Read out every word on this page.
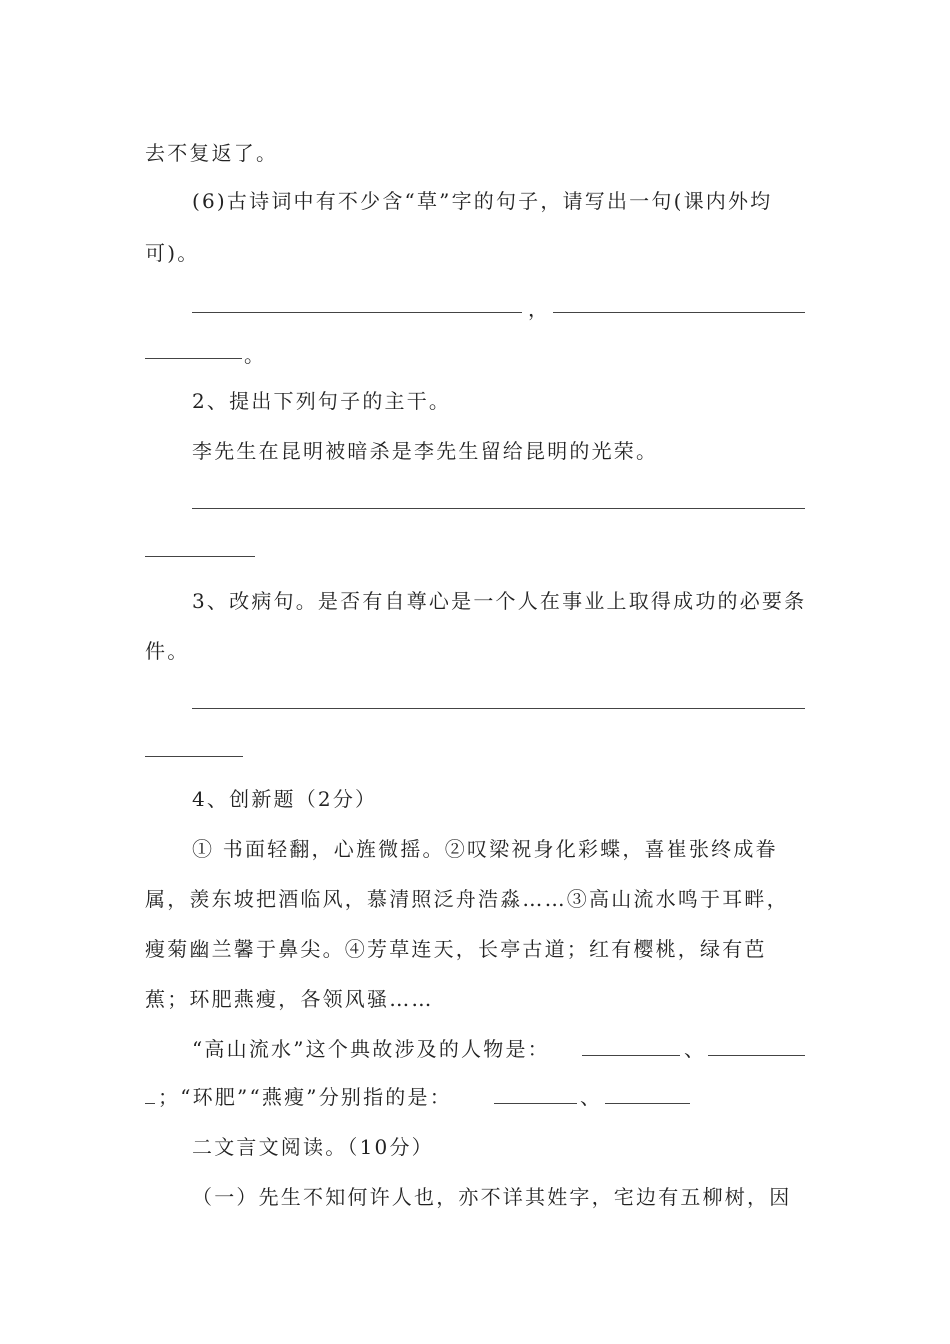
去不复返了。
(6)古诗词中有不少含“草”字的句子，请写出一句(课内外均
可)。
，
。
2、提出下列句子的主干。
李先生在昆明被暗杀是李先生留给昆明的光荣。
3、改病句。是否有自尊心是一个人在事业上取得成功的必要条
件。
4、创新题（2分）
① 书面轻翻，心旌微摇。②叹梁祝身化彩蝶，喜崔张终成眷
属，羡东坡把酒临风，慕清照泛舟浩淼……③高山流水鸣于耳畔，
瘦菊幽兰馨于鼻尖。④芳草连天，长亭古道；红有樱桃，绿有芭
蕉；环肥燕瘦，各领风骚……
“高山流水”这个典故涉及的人物是：	、
；“环肥”“燕瘦”分别指的是：	、
二文言文阅读。（10分）
（一）先生不知何许人也，亦不详其姓字，宅边有五柳树，因
